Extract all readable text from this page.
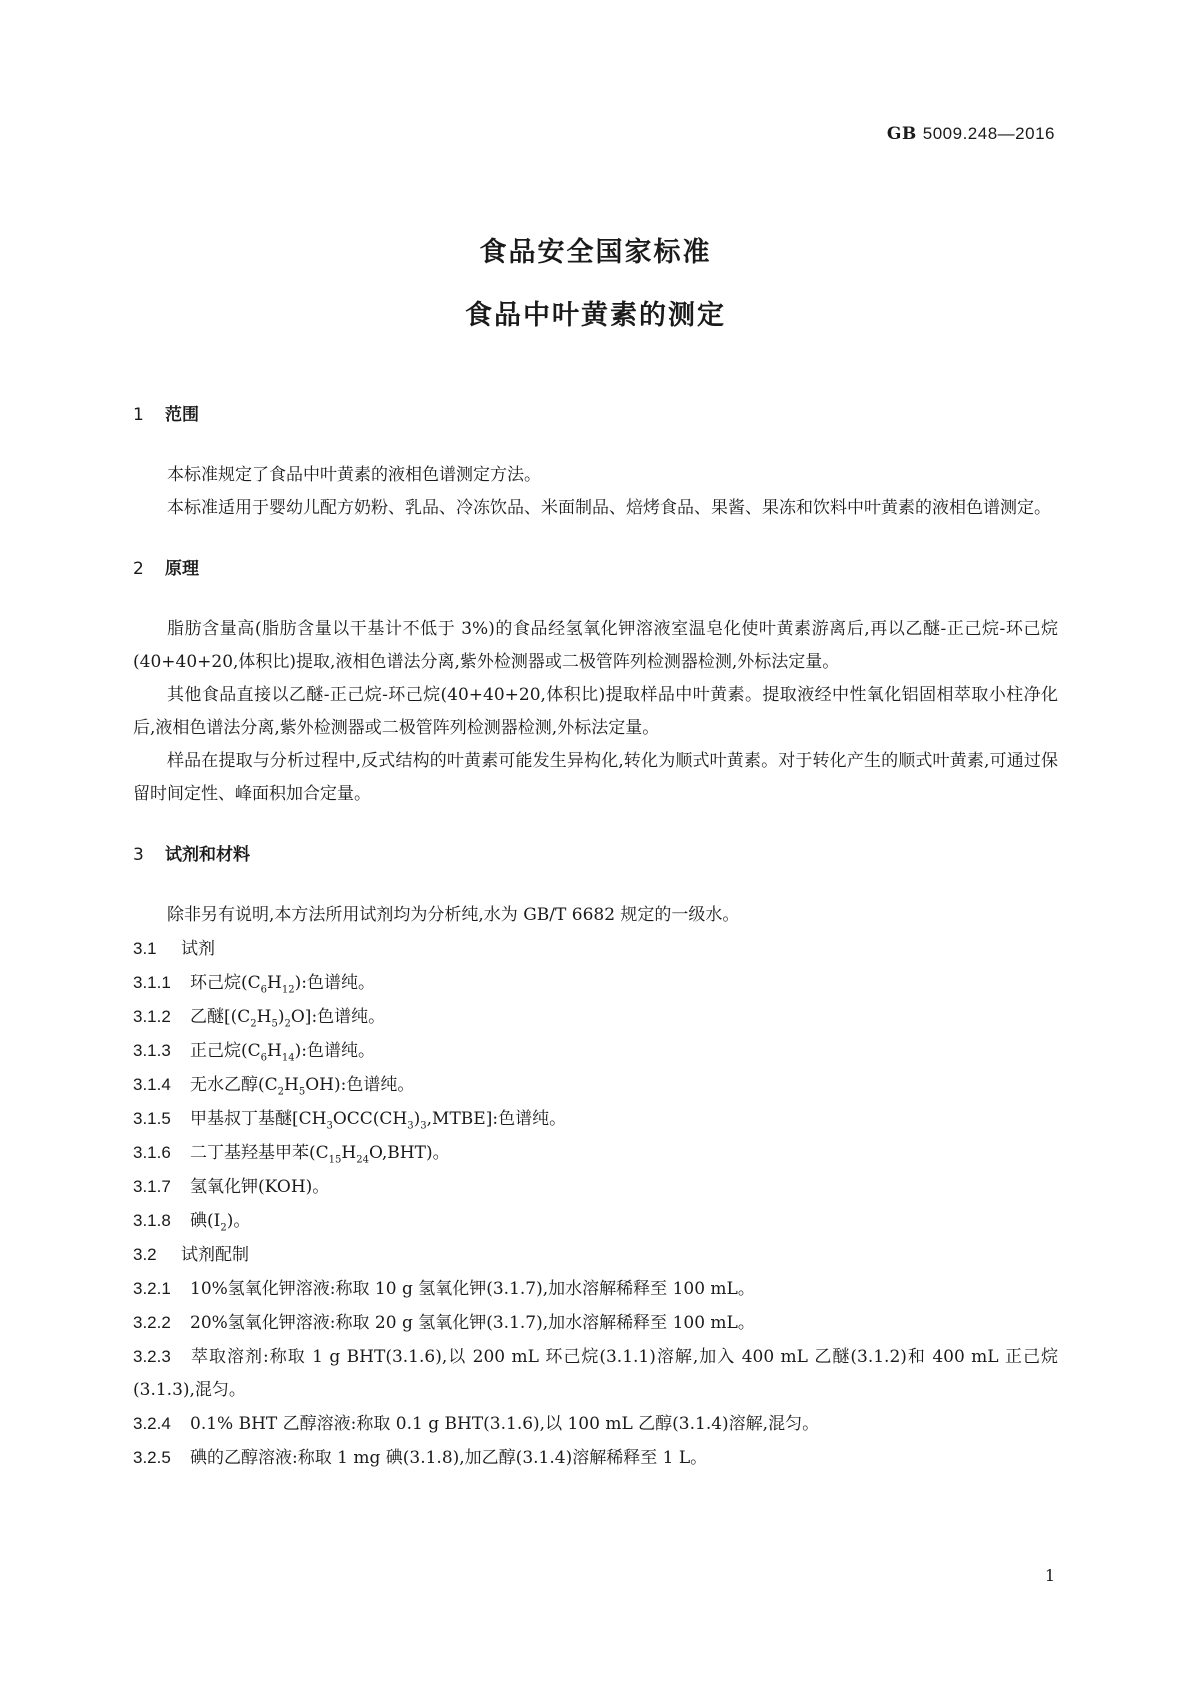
GB 5009.248—2016
食品安全国家标准
食品中叶黄素的测定
1 范围
本标准规定了食品中叶黄素的液相色谱测定方法。
本标准适用于婴幼儿配方奶粉、乳品、冷冻饮品、米面制品、焙烤食品、果酱、果冻和饮料中叶黄素的液相色谱测定。
2 原理
脂肪含量高(脂肪含量以干基计不低于 3%)的食品经氢氧化钾溶液室温皂化使叶黄素游离后,再以乙醚-正己烷-环己烷(40+40+20,体积比)提取,液相色谱法分离,紫外检测器或二极管阵列检测器检测,外标法定量。
其他食品直接以乙醚-正己烷-环己烷(40+40+20,体积比)提取样品中叶黄素。提取液经中性氧化铝固相萃取小柱净化后,液相色谱法分离,紫外检测器或二极管阵列检测器检测,外标法定量。
样品在提取与分析过程中,反式结构的叶黄素可能发生异构化,转化为顺式叶黄素。对于转化产生的顺式叶黄素,可通过保留时间定性、峰面积加合定量。
3 试剂和材料
除非另有说明,本方法所用试剂均为分析纯,水为 GB/T 6682 规定的一级水。
3.1 试剂
3.1.1 环己烷$(C_6H_{12})$:色谱纯。
3.1.2 乙醚$[(C_2H_5)_2O]$:色谱纯。
3.1.3 正己烷$(C_6H_{14})$:色谱纯。
3.1.4 无水乙醇$(C_2H_5OH)$:色谱纯。
3.1.5 甲基叔丁基醚$[CH_3OCC(CH_3)_3,MTBE]$:色谱纯。
3.1.6 二丁基羟基甲苯$(C_{15}H_{24}O,BHT)$。
3.1.7 氢氧化钾(KOH)。
3.1.8 碘$(I_2)$。
3.2 试剂配制
3.2.1 10%氢氧化钾溶液:称取 10 g 氢氧化钾(3.1.7),加水溶解稀释至 100 mL。
3.2.2 20%氢氧化钾溶液:称取 20 g 氢氧化钾(3.1.7),加水溶解稀释至 100 mL。
3.2.3 萃取溶剂:称取 1 g BHT(3.1.6),以 200 mL 环己烷(3.1.1)溶解,加入 400 mL 乙醚(3.1.2)和 400 mL 正己烷(3.1.3),混匀。
3.2.4 0.1% BHT 乙醇溶液:称取 0.1 g BHT(3.1.6),以 100 mL 乙醇(3.1.4)溶解,混匀。
3.2.5 碘的乙醇溶液:称取 1 mg 碘(3.1.8),加乙醇(3.1.4)溶解稀释至 1 L。
1
